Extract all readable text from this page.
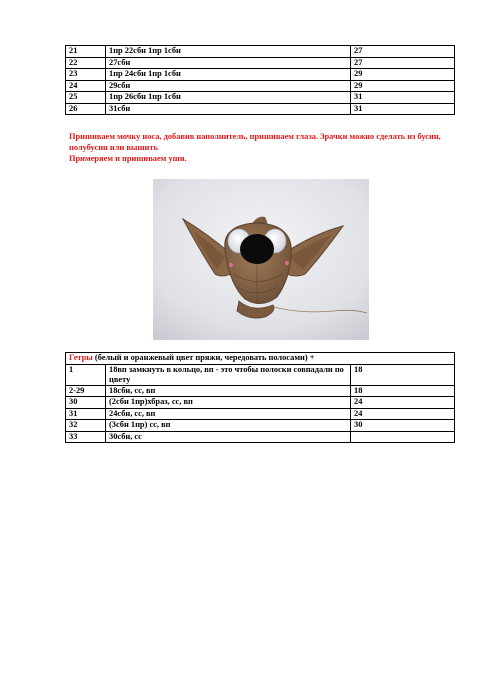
21	1пр 22сбн 1пр 1сбн	27
22	27сбн	27
23	1пр 24сбн 1пр 1сбн	29
24	29сбн	29
25	1пр 26сбн 1пр 1сбн	31
26	31сбн	31

Пришиваем мочку носа, добавив наполнитель, пришиваем глаза. Зрачки можно сделать из бусин, полубусин или вышить

Примеряем и пришиваем уши.

Гетры (белый и оранжевый цвет пряжи, чередовать полосами) +		
1	18вп замкнуть в кольцо, вп - это чтобы полоски совпадали по цвету	18
2-29	18сбн, сс, вп	18
30	(2сбн 1пр)хбраз, сс, вп	24
31	24сбн, сс, вп	24
32	(3сбн 1пр) сс, вп	30
33	30сбн, сс	
